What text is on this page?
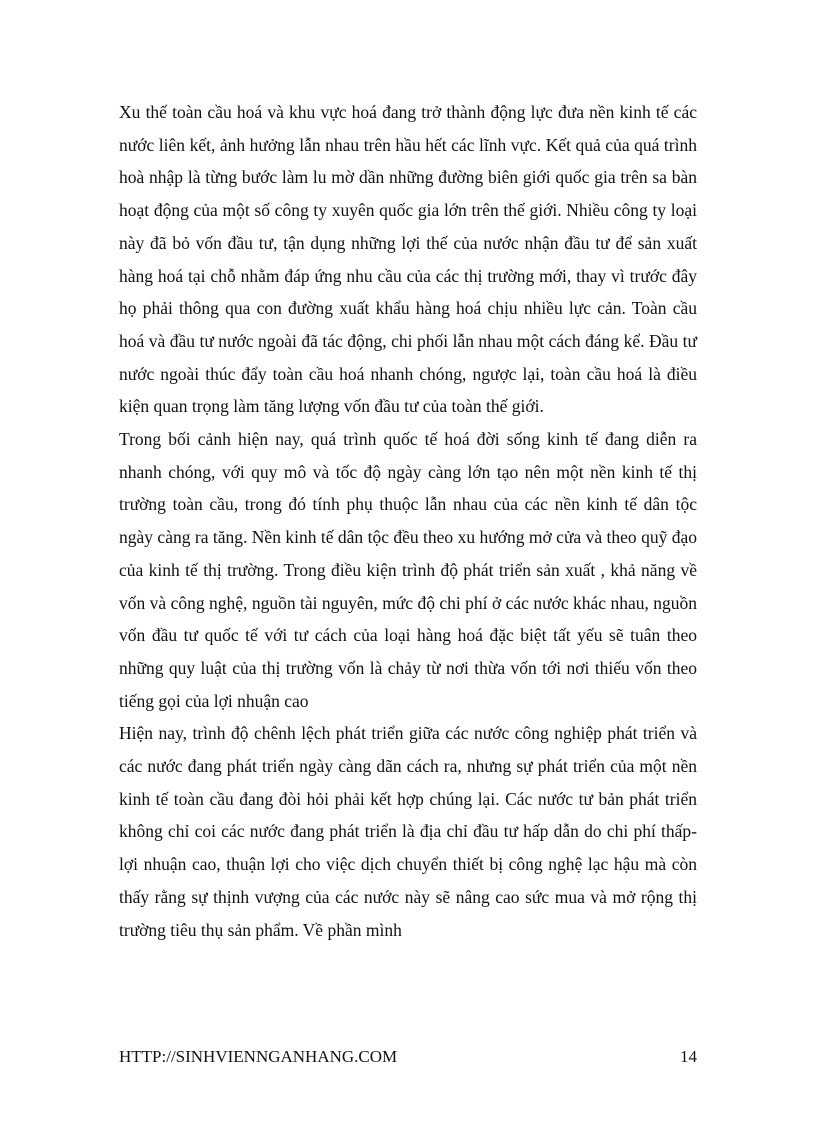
Xu thế toàn cầu hoá và khu vực hoá đang trở thành động lực đưa nền kinh tế các nước liên kết, ảnh hưởng lẫn nhau trên hầu hết các lĩnh vực. Kết quả của quá trình hoà nhập là từng bước làm lu mờ dần những đường biên giới quốc gia trên sa bàn hoạt động của một số công ty xuyên quốc gia lớn trên thế giới. Nhiều công ty loại này đã bỏ vốn đầu tư, tận dụng những lợi thế của nước nhận đầu tư để sản xuất hàng hoá tại chỗ nhằm đáp ứng nhu cầu của các thị trường mới, thay vì trước đây họ phải thông qua con đường xuất khẩu hàng hoá chịu nhiều lực cản. Toàn cầu hoá và đầu tư nước ngoài đã tác động, chi phối lẫn nhau một cách đáng kể. Đầu tư nước ngoài thúc đẩy toàn cầu hoá nhanh chóng, ngược lại, toàn cầu hoá là điều kiện quan trọng làm tăng lượng vốn đầu tư của toàn thế giới.

Trong bối cảnh hiện nay, quá trình quốc tế hoá đời sống kinh tế đang diễn ra nhanh chóng, với quy mô và tốc độ ngày càng lớn tạo nên một nền kinh tế thị trường toàn cầu, trong đó tính phụ thuộc lẫn nhau của các nền kinh tế dân tộc ngày càng ra tăng. Nền kinh tế dân tộc đều theo xu hướng mở cửa và theo quỹ đạo của kinh tế thị trường. Trong điều kiện trình độ phát triển sản xuất , khả năng về vốn và công nghệ, nguồn tài nguyên, mức độ chi phí ở các nước khác nhau, nguồn vốn đầu tư quốc tế với tư cách của loại hàng hoá đặc biệt tất yếu sẽ tuân theo những quy luật của thị trường vốn là chảy từ nơi thừa vốn tới nơi thiếu vốn theo tiếng gọi của lợi nhuận cao

Hiện nay, trình độ chênh lệch phát triển giữa các nước công nghiệp phát triển và các nước đang phát triển ngày càng dãn cách ra, nhưng sự phát triển của một nền kinh tế toàn cầu đang đòi hỏi phải kết hợp chúng lại. Các nước tư bản phát triển không chỉ coi các nước đang phát triển là địa chỉ đầu tư hấp dẫn do chi phí thấp-lợi nhuận cao, thuận lợi cho việc dịch chuyển thiết bị công nghệ lạc hậu mà còn thấy rằng sự thịnh vượng của các nước này sẽ nâng cao sức mua và mở rộng thị trường tiêu thụ sản phẩm. Về phần mình

HTTP://SINHVIENNGANHANG.COM	14
